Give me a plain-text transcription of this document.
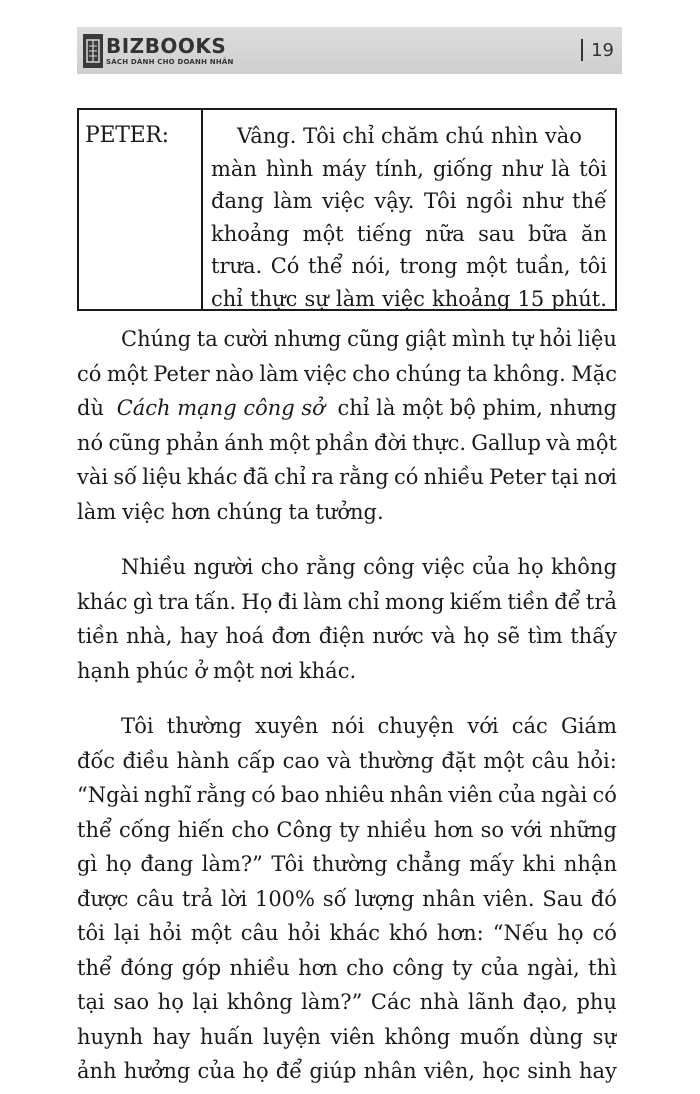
BIZBOOKS
SÁCH DÀNH CHO DOANH NHÂN
19
PETER:	Vâng. Tôi chỉ chăm chú nhìn vào
màn hình máy tính, giống như là tôi
đang làm việc vậy. Tôi ngồi như thế
khoảng một tiếng nữa sau bữa ăn
trưa. Có thể nói, trong một tuần, tôi
chỉ thực sự làm việc khoảng 15 phút.
Chúng ta cười nhưng cũng giật mình tự hỏi liệu
có một Peter nào làm việc cho chúng ta không. Mặc
dù Cách mạng công sở chỉ là một bộ phim, nhưng
nó cũng phản ánh một phần đời thực. Gallup và một
vài số liệu khác đã chỉ ra rằng có nhiều Peter tại nơi
làm việc hơn chúng ta tưởng.
Nhiều người cho rằng công việc của họ không
khác gì tra tấn. Họ đi làm chỉ mong kiếm tiền để trả
tiền nhà, hay hoá đơn điện nước và họ sẽ tìm thấy
hạnh phúc ở một nơi khác.
Tôi thường xuyên nói chuyện với các Giám
đốc điều hành cấp cao và thường đặt một câu hỏi:
“Ngài nghĩ rằng có bao nhiêu nhân viên của ngài có
thể cống hiến cho Công ty nhiều hơn so với những
gì họ đang làm?” Tôi thường chẳng mấy khi nhận
được câu trả lời 100% số lượng nhân viên. Sau đó
tôi lại hỏi một câu hỏi khác khó hơn: “Nếu họ có
thể đóng góp nhiều hơn cho công ty của ngài, thì
tại sao họ lại không làm?” Các nhà lãnh đạo, phụ
huynh hay huấn luyện viên không muốn dùng sự
ảnh hưởng của họ để giúp nhân viên, học sinh hay
